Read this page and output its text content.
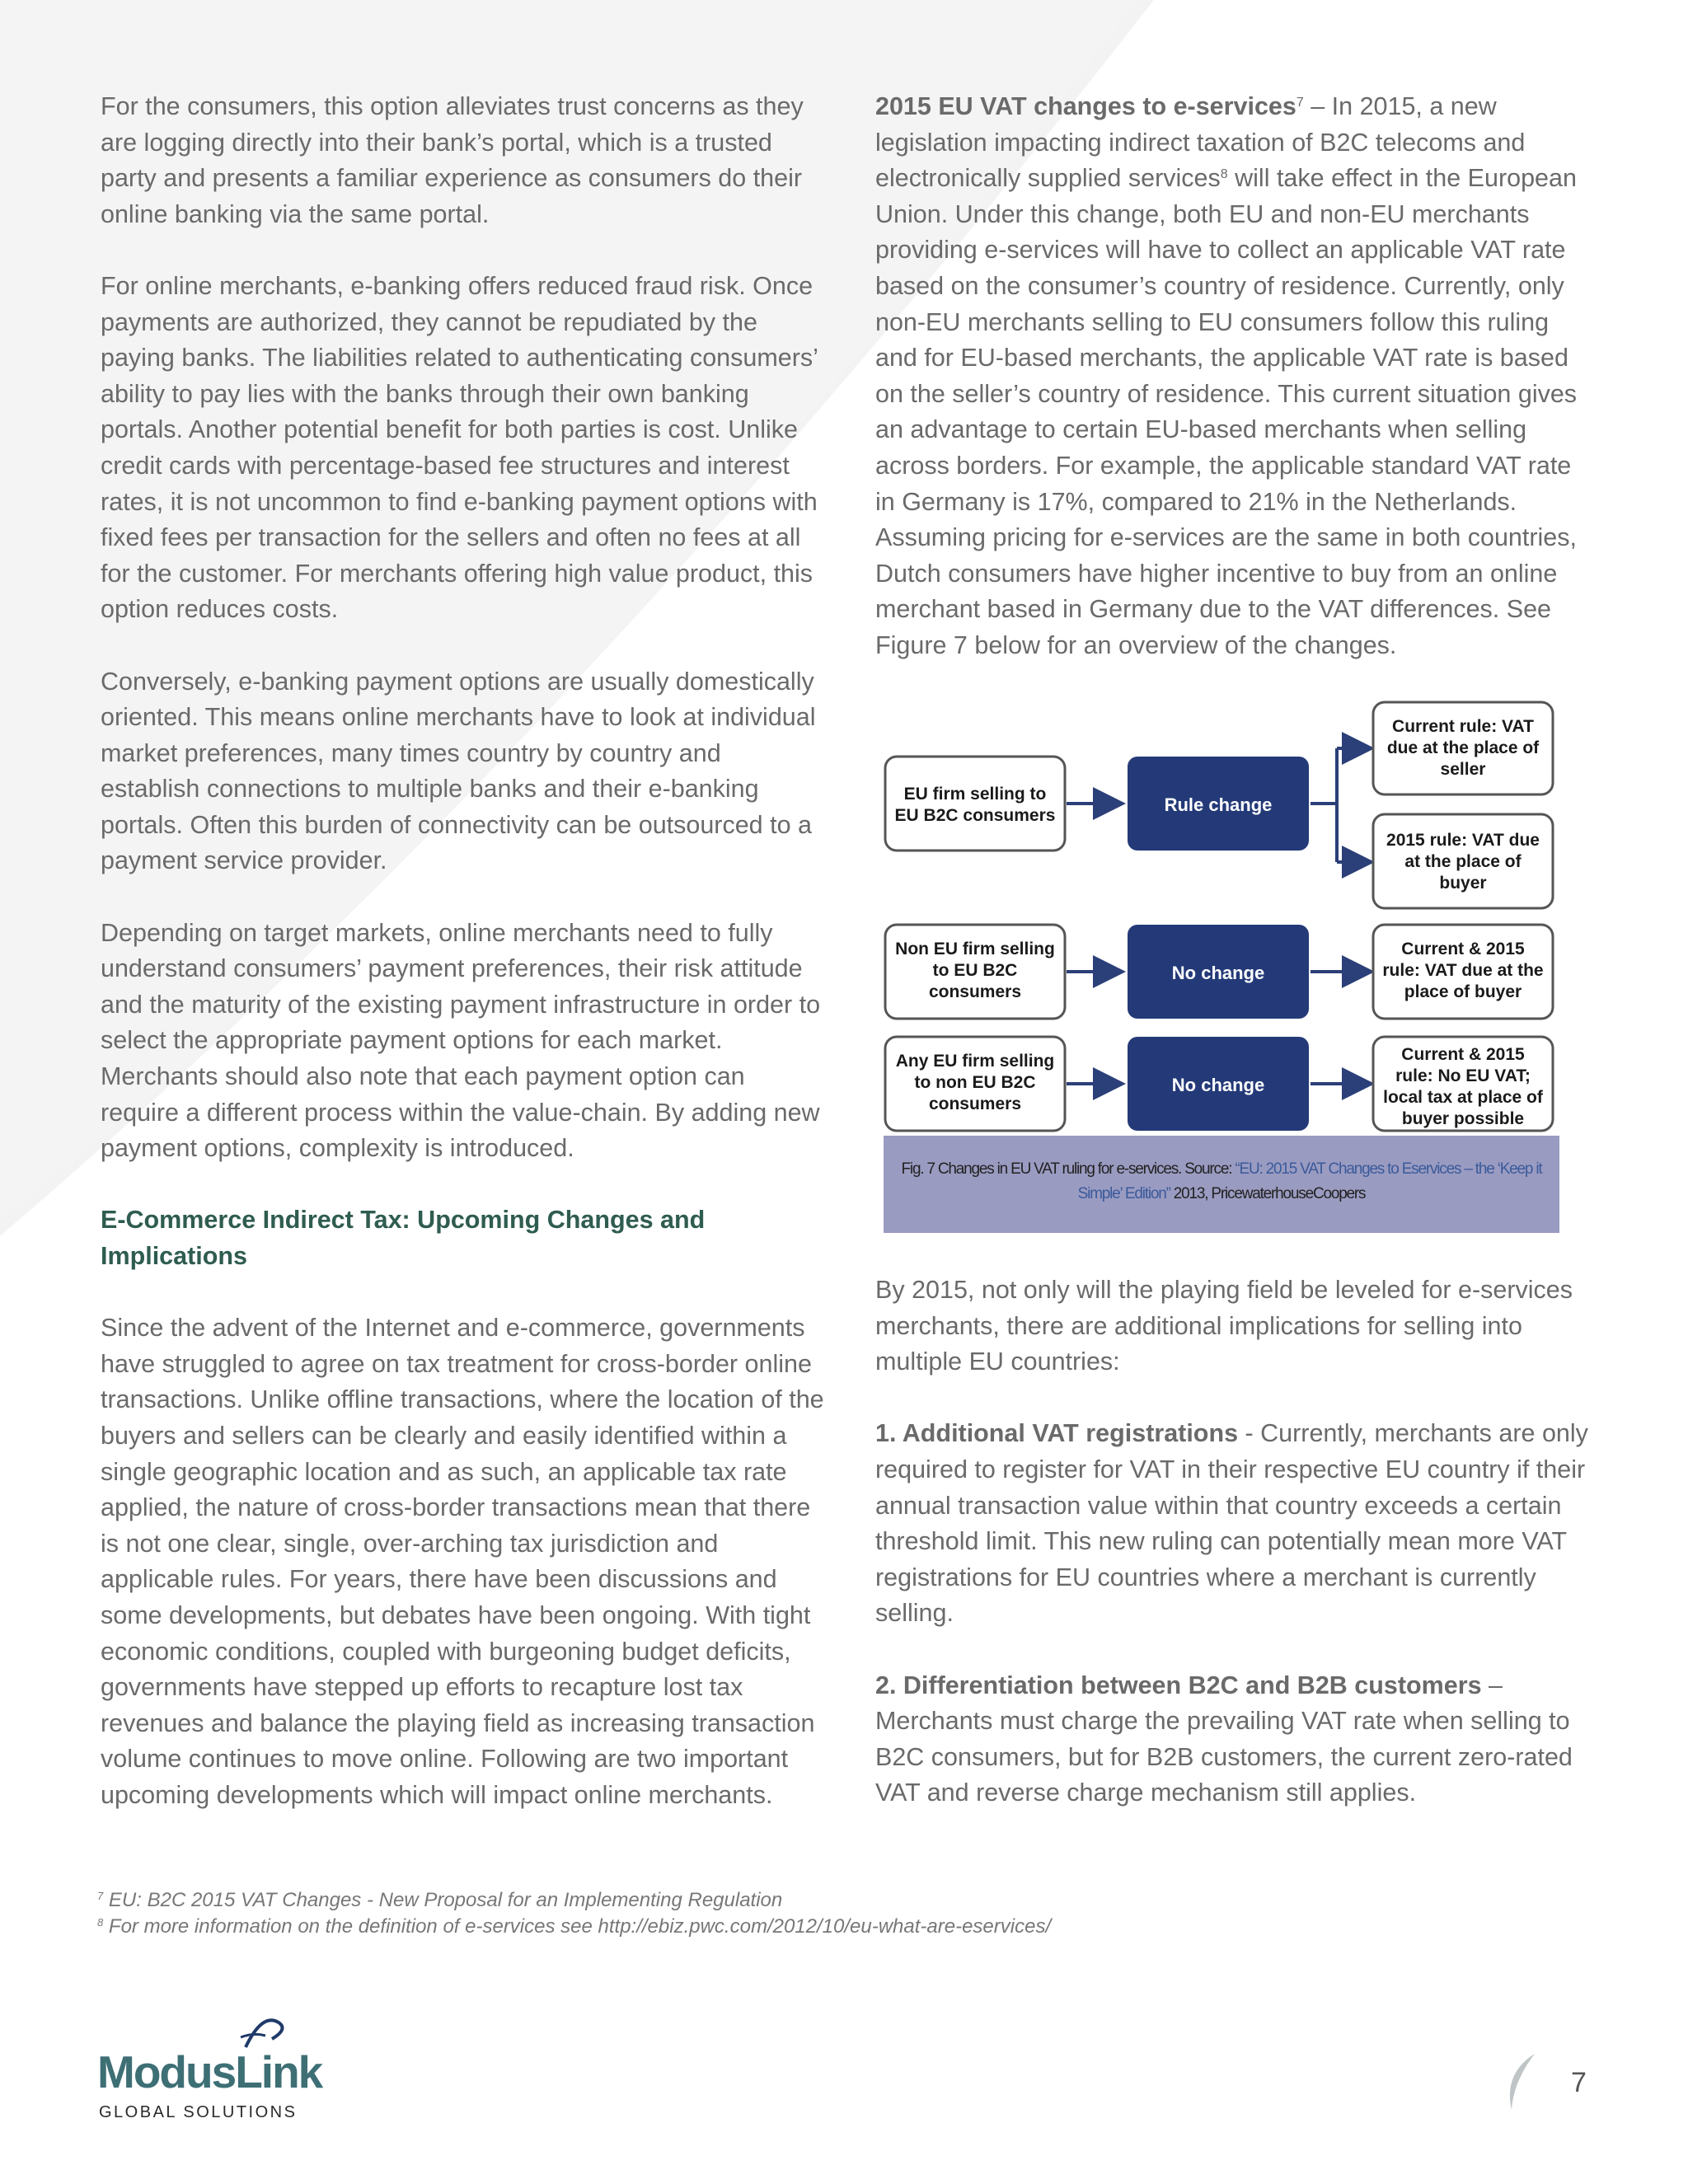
For the consumers, this option alleviates trust concerns as they are logging directly into their bank’s portal, which is a trusted party and presents a familiar experience as consumers do their online banking via the same portal.

For online merchants, e-banking offers reduced fraud risk. Once payments are authorized, they cannot be repudiated by the paying banks. The liabilities related to authenticating consumers’ ability to pay lies with the banks through their own banking portals. Another potential benefit for both parties is cost. Unlike credit cards with percentage-based fee structures and interest rates, it is not uncommon to find e-banking payment options with fixed fees per transaction for the sellers and often no fees at all for the customer. For merchants offering high value product, this option reduces costs.

Conversely, e-banking payment options are usually domestically oriented. This means online merchants have to look at individual market preferences, many times country by country and establish connections to multiple banks and their e-banking portals. Often this burden of connectivity can be outsourced to a payment service provider.

Depending on target markets, online merchants need to fully understand consumers’ payment preferences, their risk attitude and the maturity of the existing payment infrastructure in order to select the appropriate payment options for each market. Merchants should also note that each payment option can require a different process within the value-chain. By adding new payment options, complexity is introduced.

E-Commerce Indirect Tax: Upcoming Changes and Implications

Since the advent of the Internet and e-commerce, governments have struggled to agree on tax treatment for cross-border online transactions. Unlike offline transactions, where the location of the buyers and sellers can be clearly and easily identified within a single geographic location and as such, an applicable tax rate applied, the nature of cross-border transactions mean that there is not one clear, single, over-arching tax jurisdiction and applicable rules. For years, there have been discussions and some developments, but debates have been ongoing. With tight economic conditions, coupled with burgeoning budget deficits, governments have stepped up efforts to recapture lost tax revenues and balance the playing field as increasing transaction volume continues to move online. Following are two important upcoming developments which will impact online merchants.

2015 EU VAT changes to e-services$^7$ – In 2015, a new legislation impacting indirect taxation of B2C telecoms and electronically supplied services$^8$ will take effect in the European Union. Under this change, both EU and non-EU merchants providing e-services will have to collect an applicable VAT rate based on the consumer’s country of residence. Currently, only non-EU merchants selling to EU consumers follow this ruling and for EU-based merchants, the applicable VAT rate is based on the seller’s country of residence. This current situation gives an advantage to certain EU-based merchants when selling across borders. For example, the applicable standard VAT rate in Germany is 17%, compared to 21% in the Netherlands. Assuming pricing for e-services are the same in both countries, Dutch consumers have higher incentive to buy from an online merchant based in Germany due to the VAT differences. See Figure 7 below for an overview of the changes.

EU firm selling to
EU B2C consumers
Rule change
Current rule: VAT
due at the place of
seller
2015 rule: VAT due
at the place of
buyer
Non EU firm selling
to EU B2C
consumers
No change
Current & 2015
rule: VAT due at the
place of buyer
Any EU firm selling
to non EU B2C
consumers
No change
Current & 2015
rule: No EU VAT;
local tax at place of
buyer possible
Fig. 7 Changes in EU VAT ruling for e-services. Source: “EU: 2015 VAT Changes to Eservices – the ‘Keep it Simple’ Edition” 2013, PricewaterhouseCoopers

By 2015, not only will the playing field be leveled for e-services merchants, there are additional implications for selling into multiple EU countries:

1. Additional VAT registrations - Currently, merchants are only required to register for VAT in their respective EU country if their annual transaction value within that country exceeds a certain threshold limit. This new ruling can potentially mean more VAT registrations for EU countries where a merchant is currently selling.

2. Differentiation between B2C and B2B customers – Merchants must charge the prevailing VAT rate when selling to B2C consumers, but for B2B customers, the current zero-rated VAT and reverse charge mechanism still applies.

$^7$ EU: B2C 2015 VAT Changes - New Proposal for an Implementing Regulation
$^8$ For more information on the definition of e-services see http://ebiz.pwc.com/2012/10/eu-what-are-eservices/
ModusLink
GLOBAL SOLUTIONS
7
